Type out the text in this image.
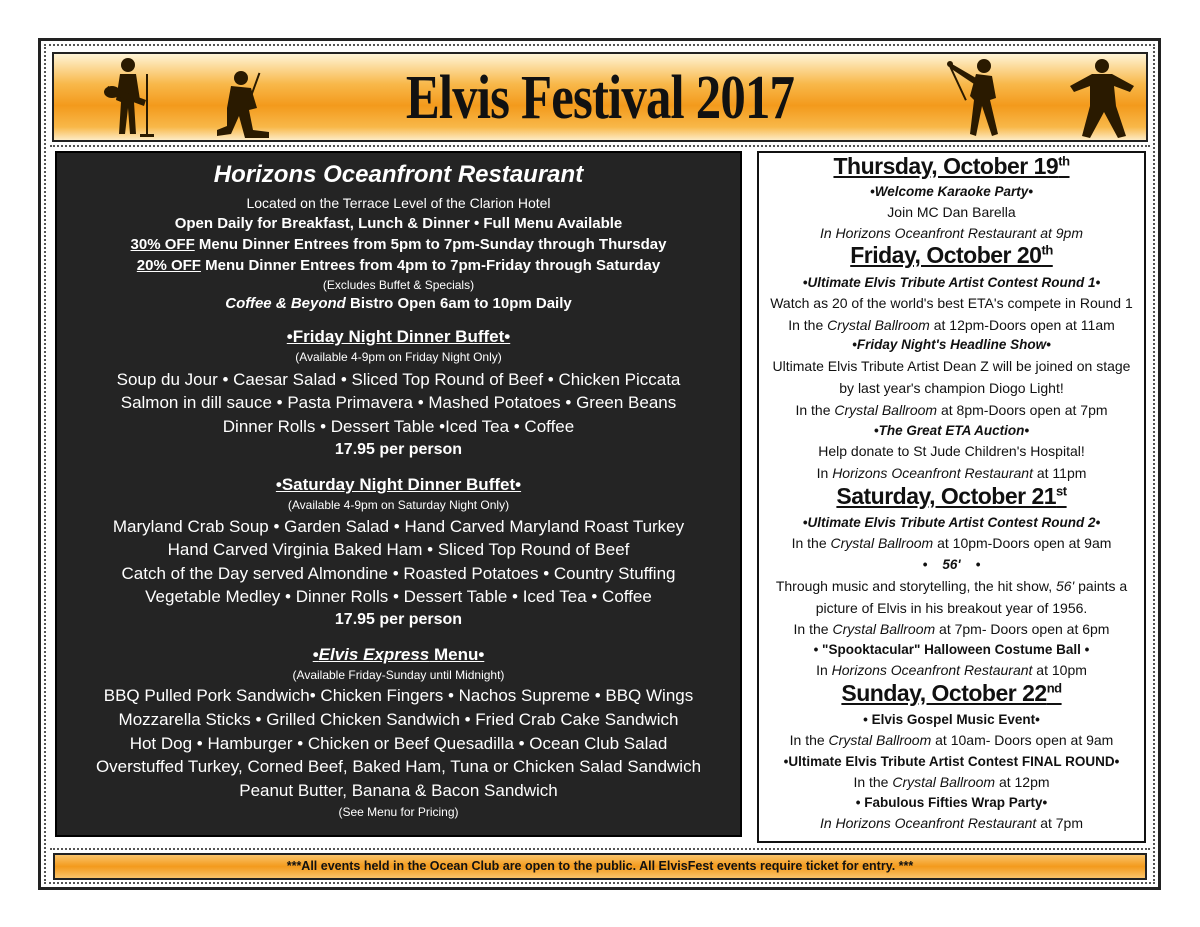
Elvis Festival 2017
Horizons Oceanfront Restaurant
Located on the Terrace Level of the Clarion Hotel
Open Daily for Breakfast, Lunch & Dinner • Full Menu Available
30% OFF Menu Dinner Entrees from 5pm to 7pm-Sunday through Thursday
20% OFF Menu Dinner Entrees from 4pm to 7pm-Friday through Saturday
(Excludes Buffet & Specials)
Coffee & Beyond Bistro Open 6am to 10pm Daily
•Friday Night Dinner Buffet•
(Available 4-9pm on Friday Night Only)
Soup du Jour • Caesar Salad • Sliced Top Round of Beef • Chicken Piccata
Salmon in dill sauce • Pasta Primavera • Mashed Potatoes • Green Beans
Dinner Rolls • Dessert Table •Iced Tea • Coffee
17.95 per person
•Saturday Night Dinner Buffet•
(Available 4-9pm on Saturday Night Only)
Maryland Crab Soup • Garden Salad • Hand Carved Maryland Roast Turkey
Hand Carved Virginia Baked Ham • Sliced Top Round of Beef
Catch of the Day served Almondine • Roasted Potatoes • Country Stuffing
Vegetable Medley • Dinner Rolls • Dessert Table • Iced Tea • Coffee
17.95 per person
•Elvis Express Menu•
(Available Friday-Sunday until Midnight)
BBQ Pulled Pork Sandwich• Chicken Fingers • Nachos Supreme • BBQ Wings
Mozzarella Sticks • Grilled Chicken Sandwich • Fried Crab Cake Sandwich
Hot Dog • Hamburger • Chicken or Beef Quesadilla • Ocean Club Salad
Overstuffed Turkey, Corned Beef, Baked Ham, Tuna or Chicken Salad Sandwich
Peanut Butter, Banana & Bacon Sandwich
(See Menu for Pricing)
Thursday, October 19th
•Welcome Karaoke Party•
Join MC Dan Barella
In Horizons Oceanfront Restaurant at 9pm
Friday, October 20th
•Ultimate Elvis Tribute Artist Contest Round 1•
Watch as 20 of the world's best ETA's compete in Round 1
In the Crystal Ballroom at 12pm-Doors open at 11am
•Friday Night's Headline Show•
Ultimate Elvis Tribute Artist Dean Z will be joined on stage
by last year's champion Diogo Light!
In the Crystal Ballroom at 8pm-Doors open at 7pm
•The Great ETA Auction•
Help donate to St Jude Children's Hospital!
In Horizons Oceanfront Restaurant at 11pm
Saturday, October 21st
•Ultimate Elvis Tribute Artist Contest Round 2•
In the Crystal Ballroom at 10pm-Doors open at 9am
•    56'    •
Through music and storytelling, the hit show, 56' paints a
picture of Elvis in his breakout year of 1956.
In the Crystal Ballroom at 7pm- Doors open at 6pm
• "Spooktacular" Halloween Costume Ball •
In Horizons Oceanfront Restaurant at 10pm
Sunday, October 22nd
• Elvis Gospel Music Event•
In the Crystal Ballroom at 10am- Doors open at 9am
•Ultimate Elvis Tribute Artist Contest FINAL ROUND•
In the Crystal Ballroom at 12pm
• Fabulous Fifties Wrap Party•
In Horizons Oceanfront Restaurant at 7pm
***All events held in the Ocean Club are open to the public. All ElvisFest events require ticket for entry. ***
